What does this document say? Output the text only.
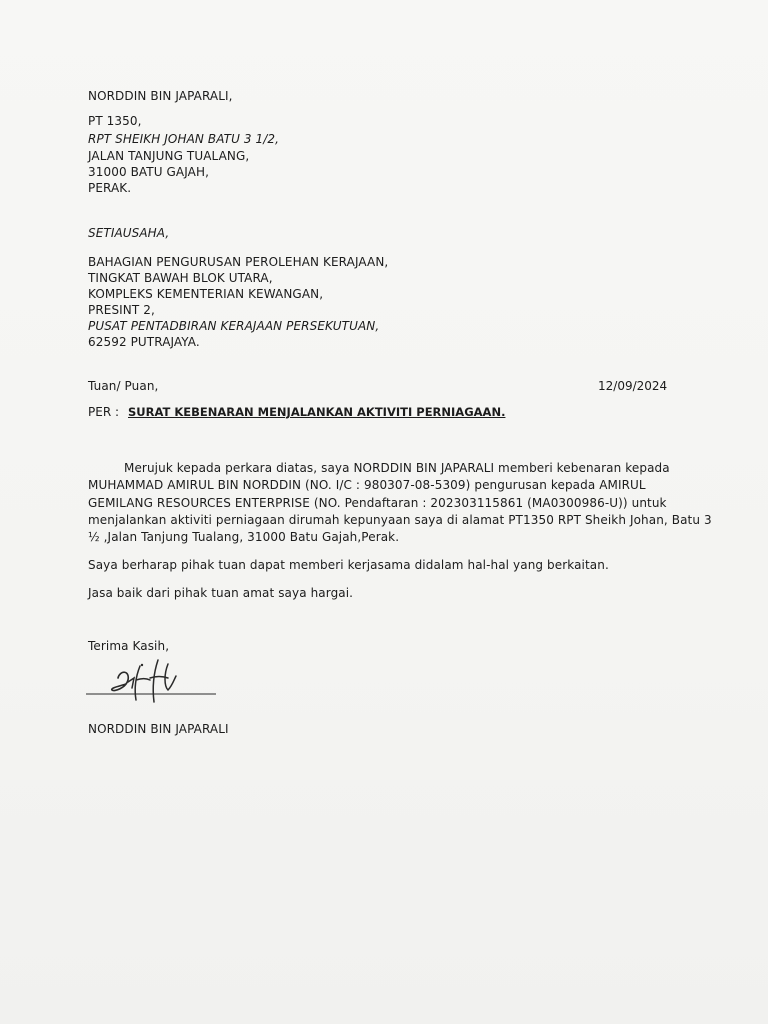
NORDDIN BIN JAPARALI,
PT 1350,
RPT SHEIKH JOHAN BATU 3 1/2,
JALAN TANJUNG TUALANG,
31000 BATU GAJAH,
PERAK.
SETIAUSAHA,
BAHAGIAN PENGURUSAN PEROLEHAN KERAJAAN,
TINGKAT BAWAH BLOK UTARA,
KOMPLEKS KEMENTERIAN KEWANGAN,
PRESINT 2,
PUSAT PENTADBIRAN KERAJAAN PERSEKUTUAN,
62592 PUTRAJAYA.
Tuan/ Puan,	12/09/2024
PER : SURAT KEBENARAN MENJALANKAN AKTIVITI PERNIAGAAN.
Merujuk kepada perkara diatas, saya NORDDIN BIN JAPARALI memberi kebenaran kepada
MUHAMMAD AMIRUL BIN NORDDIN (NO. I/C : 980307-08-5309) pengurusan kepada AMIRUL
GEMILANG RESOURCES ENTERPRISE (NO. Pendaftaran : 202303115861 (MA0300986-U)) untuk
menjalankan aktiviti perniagaan dirumah kepunyaan saya di alamat PT1350 RPT Sheikh Johan, Batu 3
½ ,Jalan Tanjung Tualang, 31000 Batu Gajah,Perak.
Saya berharap pihak tuan dapat memberi kerjasama didalam hal-hal yang berkaitan.
Jasa baik dari pihak tuan amat saya hargai.
Terima Kasih,
NORDDIN BIN JAPARALI
